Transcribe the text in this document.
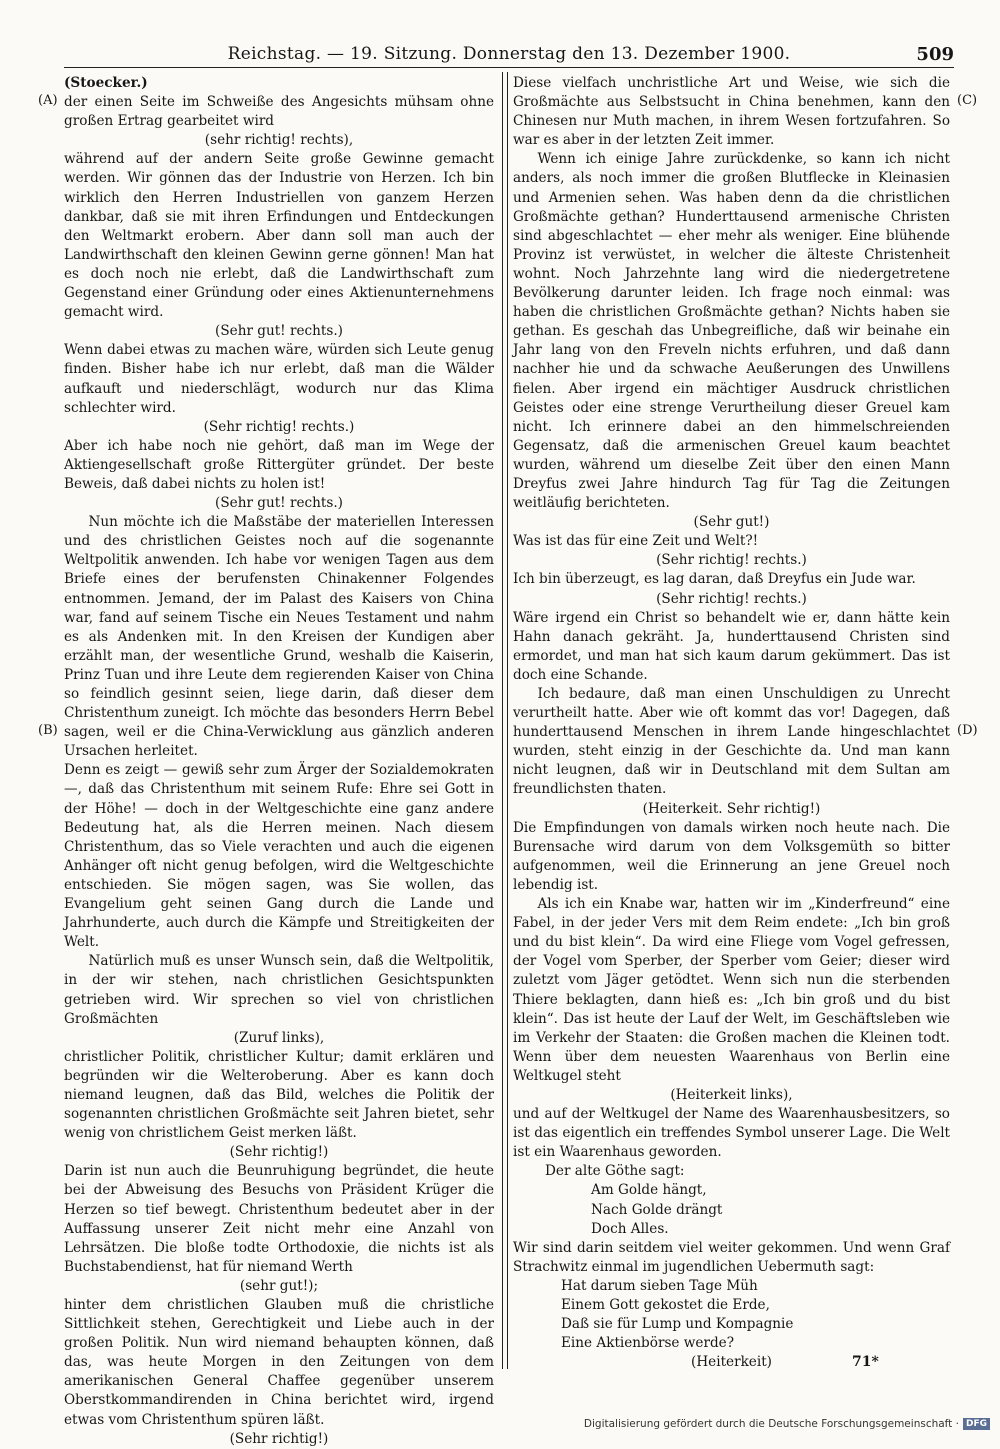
Reichstag. — 19. Sitzung. Donnerstag den 13. Dezember 1900.	509
(A)
(B)
(C)
(D)

(Stoecker.)

der einen Seite im Schweiße des Angesichts mühsam ohne großen Ertrag gearbeitet wird

(sehr richtig! rechts),

während auf der andern Seite große Gewinne gemacht werden. Wir gönnen das der Industrie von Herzen. Ich bin wirklich den Herren Industriellen von ganzem Herzen dankbar, daß sie mit ihren Erfindungen und Entdeckungen den Weltmarkt erobern. Aber dann soll man auch der Landwirthschaft den kleinen Gewinn gerne gönnen! Man hat es doch noch nie erlebt, daß die Landwirthschaft zum Gegenstand einer Gründung oder eines Aktienunternehmens gemacht wird.

(Sehr gut! rechts.)

Wenn dabei etwas zu machen wäre, würden sich Leute genug finden. Bisher habe ich nur erlebt, daß man die Wälder aufkauft und niederschlägt, wodurch nur das Klima schlechter wird.

(Sehr richtig! rechts.)

Aber ich habe noch nie gehört, daß man im Wege der Aktiengesellschaft große Rittergüter gründet. Der beste Beweis, daß dabei nichts zu holen ist!

(Sehr gut! rechts.)

Nun möchte ich die Maßstäbe der materiellen Interessen und des christlichen Geistes noch auf die sogenannte Weltpolitik anwenden. Ich habe vor wenigen Tagen aus dem Briefe eines der berufensten Chinakenner Folgendes entnommen. Jemand, der im Palast des Kaisers von China war, fand auf seinem Tische ein Neues Testament und nahm es als Andenken mit. In den Kreisen der Kundigen aber erzählt man, der wesentliche Grund, weshalb die Kaiserin, Prinz Tuan und ihre Leute dem regierenden Kaiser von China so feindlich gesinnt seien, liege darin, daß dieser dem Christenthum zuneigt. Ich möchte das besonders Herrn Bebel sagen, weil er die China-Verwicklung aus gänzlich anderen Ursachen herleitet.

Denn es zeigt — gewiß sehr zum Ärger der Sozialdemokraten —, daß das Christenthum mit seinem Rufe: Ehre sei Gott in der Höhe! — doch in der Weltgeschichte eine ganz andere Bedeutung hat, als die Herren meinen. Nach diesem Christenthum, das so Viele verachten und auch die eigenen Anhänger oft nicht genug befolgen, wird die Weltgeschichte entschieden. Sie mögen sagen, was Sie wollen, das Evangelium geht seinen Gang durch die Lande und Jahrhunderte, auch durch die Kämpfe und Streitigkeiten der Welt.

Natürlich muß es unser Wunsch sein, daß die Weltpolitik, in der wir stehen, nach christlichen Gesichtspunkten getrieben wird. Wir sprechen so viel von christlichen Großmächten

(Zuruf links),

christlicher Politik, christlicher Kultur; damit erklären und begründen wir die Welteroberung. Aber es kann doch niemand leugnen, daß das Bild, welches die Politik der sogenannten christlichen Großmächte seit Jahren bietet, sehr wenig von christlichem Geist merken läßt.

(Sehr richtig!)

Darin ist nun auch die Beunruhigung begründet, die heute bei der Abweisung des Besuchs von Präsident Krüger die Herzen so tief bewegt. Christenthum bedeutet aber in der Auffassung unserer Zeit nicht mehr eine Anzahl von Lehrsätzen. Die bloße todte Orthodoxie, die nichts ist als Buchstabendienst, hat für niemand Werth

(sehr gut!);

hinter dem christlichen Glauben muß die christliche Sittlichkeit stehen, Gerechtigkeit und Liebe auch in der großen Politik. Nun wird niemand behaupten können, daß das, was heute Morgen in den Zeitungen von dem amerikanischen General Chaffee gegenüber unserem Oberstkommandirenden in China berichtet wird, irgend etwas vom Christenthum spüren läßt.

(Sehr richtig!)

Diese vielfach unchristliche Art und Weise, wie sich die Großmächte aus Selbstsucht in China benehmen, kann den Chinesen nur Muth machen, in ihrem Wesen fortzufahren. So war es aber in der letzten Zeit immer.

Wenn ich einige Jahre zurückdenke, so kann ich nicht anders, als noch immer die großen Blutflecke in Kleinasien und Armenien sehen. Was haben denn da die christlichen Großmächte gethan? Hunderttausend armenische Christen sind abgeschlachtet — eher mehr als weniger. Eine blühende Provinz ist verwüstet, in welcher die älteste Christenheit wohnt. Noch Jahrzehnte lang wird die niedergetretene Bevölkerung darunter leiden. Ich frage noch einmal: was haben die christlichen Großmächte gethan? Nichts haben sie gethan. Es geschah das Unbegreifliche, daß wir beinahe ein Jahr lang von den Freveln nichts erfuhren, und daß dann nachher hie und da schwache Aeußerungen des Unwillens fielen. Aber irgend ein mächtiger Ausdruck christlichen Geistes oder eine strenge Verurtheilung dieser Greuel kam nicht. Ich erinnere dabei an den himmelschreienden Gegensatz, daß die armenischen Greuel kaum beachtet wurden, während um dieselbe Zeit über den einen Mann Dreyfus zwei Jahre hindurch Tag für Tag die Zeitungen weitläufig berichteten.

(Sehr gut!)

Was ist das für eine Zeit und Welt?!

(Sehr richtig! rechts.)

Ich bin überzeugt, es lag daran, daß Dreyfus ein Jude war.

(Sehr richtig! rechts.)

Wäre irgend ein Christ so behandelt wie er, dann hätte kein Hahn danach gekräht. Ja, hunderttausend Christen sind ermordet, und man hat sich kaum darum gekümmert. Das ist doch eine Schande.

Ich bedaure, daß man einen Unschuldigen zu Unrecht verurtheilt hatte. Aber wie oft kommt das vor! Dagegen, daß hunderttausend Menschen in ihrem Lande hingeschlachtet wurden, steht einzig in der Geschichte da. Und man kann nicht leugnen, daß wir in Deutschland mit dem Sultan am freundlichsten thaten.

(Heiterkeit. Sehr richtig!)

Die Empfindungen von damals wirken noch heute nach. Die Burensache wird darum von dem Volksgemüth so bitter aufgenommen, weil die Erinnerung an jene Greuel noch lebendig ist.

Als ich ein Knabe war, hatten wir im „Kinderfreund“ eine Fabel, in der jeder Vers mit dem Reim endete: „Ich bin groß und du bist klein“. Da wird eine Fliege vom Vogel gefressen, der Vogel vom Sperber, der Sperber vom Geier; dieser wird zuletzt vom Jäger getödtet. Wenn sich nun die sterbenden Thiere beklagten, dann hieß es: „Ich bin groß und du bist klein“. Das ist heute der Lauf der Welt, im Geschäftsleben wie im Verkehr der Staaten: die Großen machen die Kleinen todt. Wenn über dem neuesten Waarenhaus von Berlin eine Weltkugel steht

(Heiterkeit links),

und auf der Weltkugel der Name des Waarenhausbesitzers, so ist das eigentlich ein treffendes Symbol unserer Lage. Die Welt ist ein Waarenhaus geworden.

Der alte Göthe sagt:

Am Golde hängt,

Nach Golde drängt

Doch Alles.

Wir sind darin seitdem viel weiter gekommen. Und wenn Graf Strachwitz einmal im jugendlichen Uebermuth sagt:

Hat darum sieben Tage Müh

Einem Gott gekostet die Erde,

Daß sie für Lump und Kompagnie

Eine Aktienbörse werde?

(Heiterkeit)	71*
Digitalisierung gefördert durch die Deutsche Forschungsgemeinschaft · DFG
